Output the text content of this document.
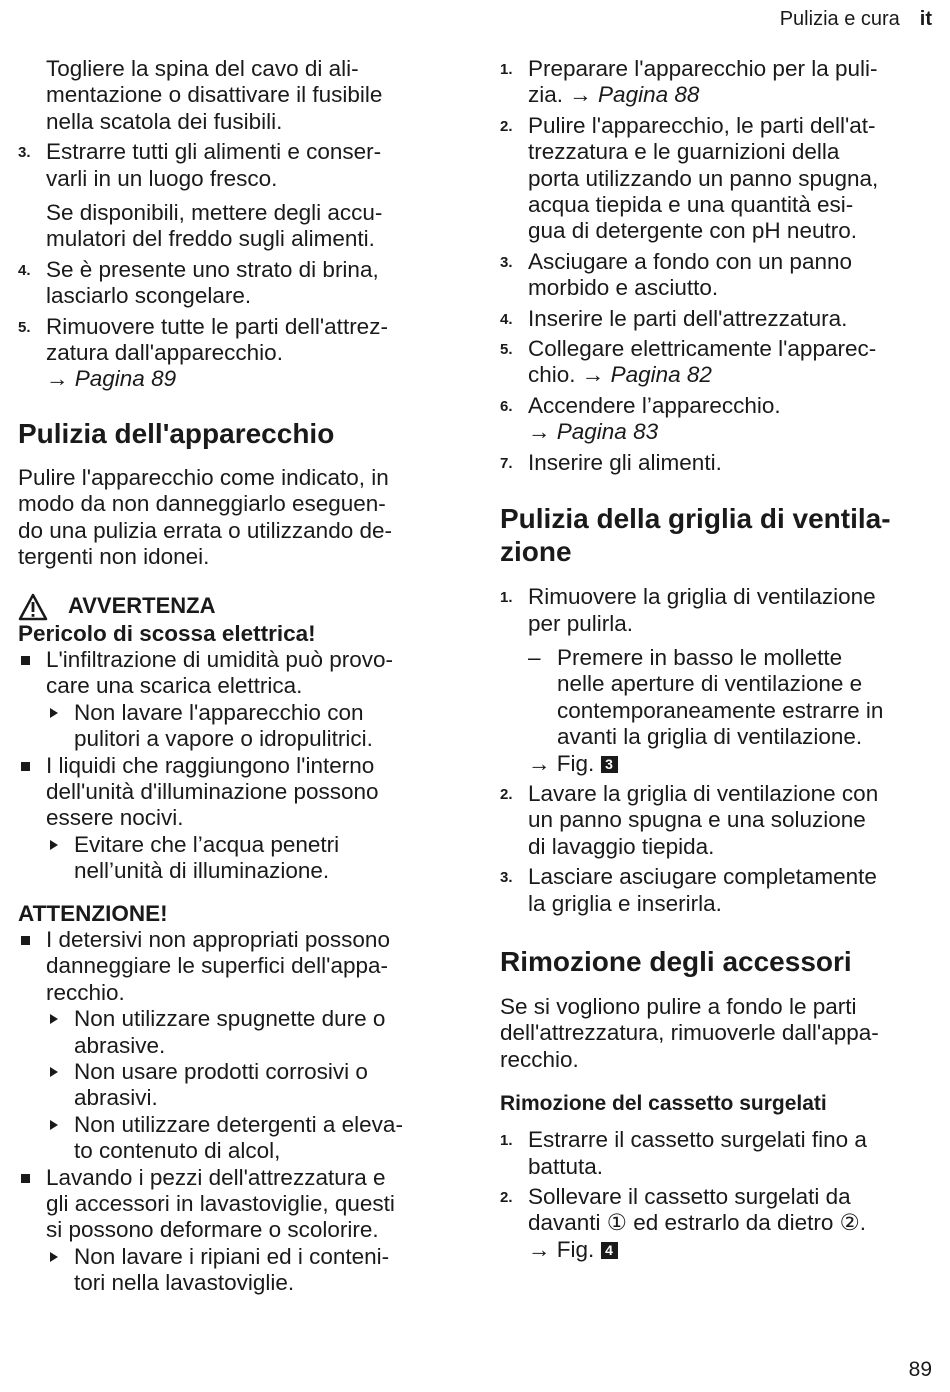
Pulizia e cura it
Togliere la spina del cavo di ali-
mentazione o disattivare il fusibile
nella scatola dei fusibili.
3. Estrarre tutti gli alimenti e conser-
varli in un luogo fresco.
Se disponibili, mettere degli accu-
mulatori del freddo sugli alimenti.
4. Se è presente uno strato di brina,
lasciarlo scongelare.
5. Rimuovere tutte le parti dell'attrez-
zatura dall'apparecchio.
→ Pagina 89
Pulizia dell'apparecchio
Pulire l'apparecchio come indicato, in
modo da non danneggiarlo eseguen-
do una pulizia errata o utilizzando de-
tergenti non idonei.
AVVERTENZA
Pericolo di scossa elettrica!
L'infiltrazione di umidità può provo-
care una scarica elettrica.
Non lavare l'apparecchio con
pulitori a vapore o idropulitrici.
I liquidi che raggiungono l'interno
dell'unità d'illuminazione possono
essere nocivi.
Evitare che l’acqua penetri
nell’unità di illuminazione.
ATTENZIONE!
I detersivi non appropriati possono
danneggiare le superfici dell'appa-
recchio.
Non utilizzare spugnette dure o
abrasive.
Non usare prodotti corrosivi o
abrasivi.
Non utilizzare detergenti a eleva-
to contenuto di alcol,
Lavando i pezzi dell'attrezzatura e
gli accessori in lavastoviglie, questi
si possono deformare o scolorire.
Non lavare i ripiani ed i conteni-
tori nella lavastoviglie.
1. Preparare l'apparecchio per la puli-
zia. → Pagina 88
2. Pulire l'apparecchio, le parti dell'at-
trezzatura e le guarnizioni della
porta utilizzando un panno spugna,
acqua tiepida e una quantità esi-
gua di detergente con pH neutro.
3. Asciugare a fondo con un panno
morbido e asciutto.
4. Inserire le parti dell'attrezzatura.
5. Collegare elettricamente l'apparec-
chio. → Pagina 82
6. Accendere l’apparecchio.
→ Pagina 83
7. Inserire gli alimenti.
Pulizia della griglia di ventila-
zione
1. Rimuovere la griglia di ventilazione
per pulirla.
– Premere in basso le mollette
nelle aperture di ventilazione e
contemporaneamente estrarre in
avanti la griglia di ventilazione.
→ Fig. 3
2. Lavare la griglia di ventilazione con
un panno spugna e una soluzione
di lavaggio tiepida.
3. Lasciare asciugare completamente
la griglia e inserirla.
Rimozione degli accessori
Se si vogliono pulire a fondo le parti
dell'attrezzatura, rimuoverle dall'appa-
recchio.
Rimozione del cassetto surgelati
1. Estrarre il cassetto surgelati fino a
battuta.
2. Sollevare il cassetto surgelati da
davanti ① ed estrarlo da dietro ②.
→ Fig. 4
89
